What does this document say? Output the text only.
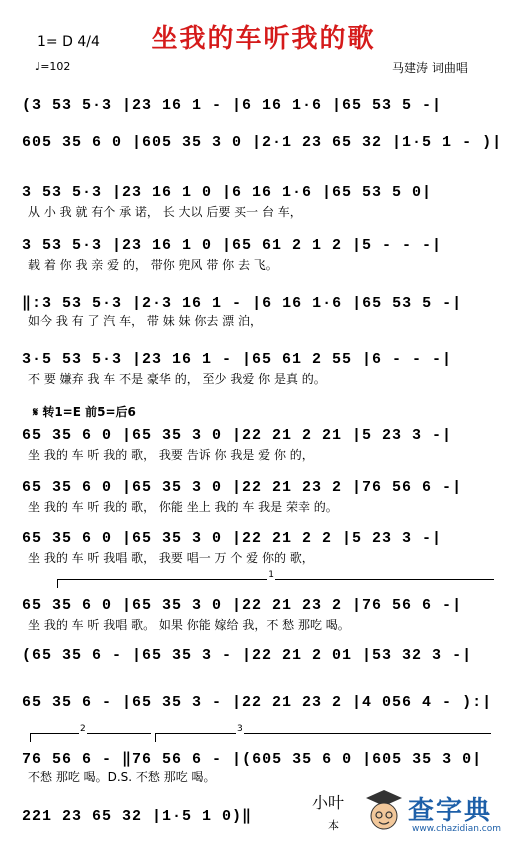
坐我的车听我的歌
1= D 4/4
♩=102	马建涛 词曲唱
(3 53 5·3 |23 16 1 - |6 16 1·6 |65 53 5 -|
605 35 6 0 |605 35 3 0 |2·1 23 65 32 |1·5 1 - )|
3 53 5·3 |23 16 1 0 |6 16 1·6 |65 53 5 0|
从 小 我 就 有个 承 诺， 长 大以 后要 买一 台 车，
3 53 5·3 |23 16 1 0 |65 61 2 1 2 |5 - - -|
载 着 你 我 亲 爱 的， 带你 兜风 带 你 去 飞。
‖:3 53 5·3 |2·3 16 1 - |6 16 1·6 |65 53 5 -|
如今 我 有 了 汽 车， 带 妹 妹 你去 漂 泊，
3·5 53 5·3 |23 16 1 - |65 61 2 55 |6 - - -|
不 要 嫌弃 我 车 不是 豪华 的， 至少 我爱 你 是真 的。
𝄋 转1=E 前5=后6
65 35 6 0 |65 35 3 0 |22 21 2 21 |5 23 3 -|
坐 我的 车 听 我的 歌， 我要 告诉 你 我是 爱 你 的，
65 35 6 0 |65 35 3 0 |22 21 23 2 |76 56 6 -|
坐 我的 车 听 我的 歌， 你能 坐上 我的 车 我是 荣幸 的。
65 35 6 0 |65 35 3 0 |22 21 2 2 |5 23 3 -|
坐 我的 车 听 我唱 歌， 我要 唱一 万 个 爱 你的 歌，
1
65 35 6 0 |65 35 3 0 |22 21 23 2 |76 56 6 -|
坐 我的 车 听 我唱 歌。 如果 你能 嫁给 我，不 愁 那吃 喝。
(65 35 6 - |65 35 3 - |22 21 2 01 |53 32 3 -|
65 35 6 - |65 35 3 - |22 21 23 2 |4 056 4 - ):|
2	3
76 56 6 - ‖76 56 6 - |(605 35 6 0 |605 35 3 0|
不愁 那吃 喝。D.S. 不愁 那吃 喝。
221 23 65 32 |1·5 1 0)‖
小叶
本	查字典
www.chazidian.com
